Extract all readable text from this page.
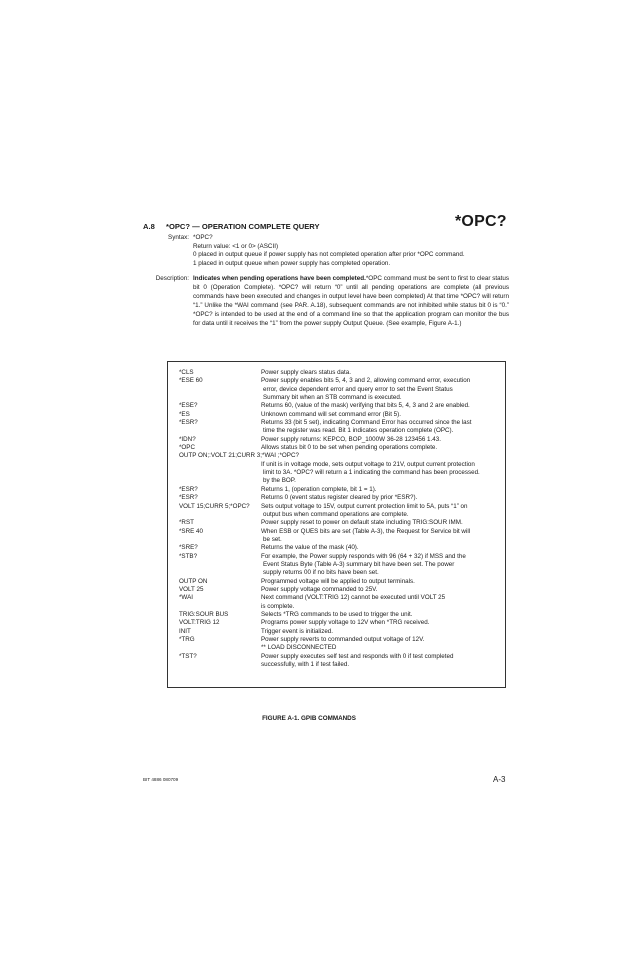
A.8 *OPC? — OPERATION COMPLETE QUERY	*OPC?
Syntax: *OPC?
Return value: <1 or 0> (ASCII)
0 placed in output queue if power supply has not completed operation after prior *OPC command.
1 placed in output queue when power supply has completed operation.
Description: Indicates when pending operations have been completed.*OPC command must be sent to first to clear status bit 0 (Operation Complete). *OPC? will return “0” until all pending operations are complete (all previous commands have been executed and changes in output level have been completed) At that time *OPC? will return “1.” Unlike the *WAI command (see PAR. A.18), subsequent commands are not inhibited while status bit 0 is “0.” *OPC? is intended to be used at the end of a command line so that the application program can monitor the bus for data until it receives the “1” from the power supply Output Queue. (See example, Figure A-1.)
*CLS	Power supply clears status data.
*ESE 60	Power supply enables bits 5, 4, 3 and 2, allowing command error, execution
error, device dependent error and query error to set the Event Status
Summary bit when an STB command is executed.
*ESE?	Returns 60, (value of the mask) verifying that bits 5, 4, 3 and 2 are enabled.
*ES	Unknown command will set command error (Bit 5).
*ESR?	Returns 33 (bit 5 set), indicating Command Error has occurred since the last
time the register was read. Bit 1 indicates operation complete (OPC).
*IDN?	Power supply returns: KEPCO, BOP_1000W 36-28 123456 1.43.
*OPC	Allows status bit 0 to be set when pending operations complete.
OUTP ON;:VOLT 21;CURR 3;*WAI ;*OPC?
If unit is in voltage mode, sets output voltage to 21V, output current protection
limit to 3A. *OPC? will return a 1 indicating the command has been processed.
by the BOP.
*ESR?	Returns 1, (operation complete, bit 1 = 1).
*ESR?	Returns 0 (event status register cleared by prior *ESR?).
VOLT 15;CURR 5;*OPC?	Sets output voltage to 15V, output current protection limit to 5A, puts “1” on
output bus when command operations are complete.
*RST	Power supply reset to power on default state including TRIG:SOUR IMM.
*SRE 40	When ESB or QUES bits are set (Table A-3), the Request for Service bit will
be set.
*SRE?	Returns the value of the mask (40).
*STB?	For example, the Power supply responds with 96 (64 + 32) if MSS and the
Event Status Byte (Table A-3) summary bit have been set. The power
supply returns 00 if no bits have been set.
OUTP ON	Programmed voltage will be applied to output terminals.
VOLT 25	Power supply voltage commanded to 25V.
*WAI	Next command (VOLT:TRIG 12) cannot be executed until VOLT 25
is complete.
TRIG:SOUR BUS	Selects *TRG commands to be used to trigger the unit.
VOLT:TRIG 12	Programs power supply voltage to 12V when *TRG received.
INIT	Trigger event is initialized.
*TRG	Power supply reverts to commanded output voltage of 12V.
** LOAD DISCONNECTED
*TST?	Power supply executes self test and responds with 0 if test completed
successfully, with 1 if test failed.
FIGURE A-1. GPIB COMMANDS
BIT 4886 080709	A-3
